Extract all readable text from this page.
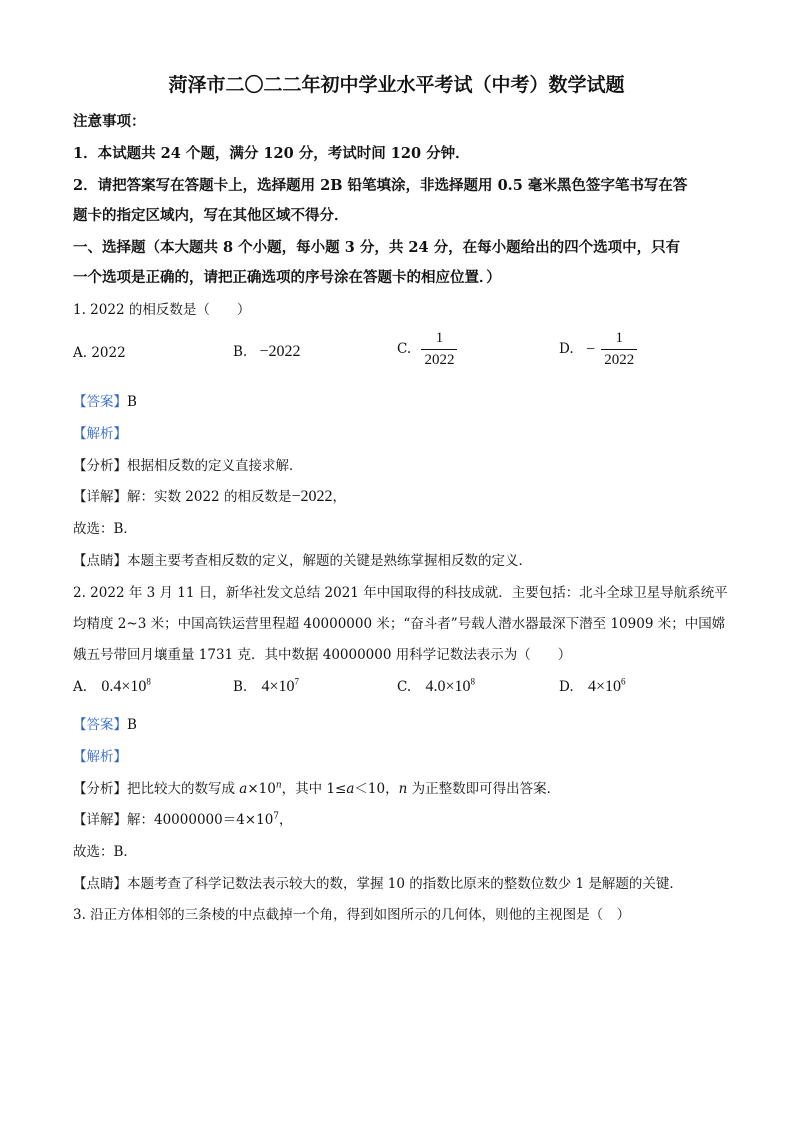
菏泽市二〇二二年初中学业水平考试（中考）数学试题
注意事项：
1．本试题共 24 个题，满分 120 分，考试时间 120 分钟．
2．请把答案写在答题卡上，选择题用 2B 铅笔填涂，非选择题用 0.5 毫米黑色签字笔书写在答
题卡的指定区域内，写在其他区域不得分．
一、选择题（本大题共 8 个小题，每小题 3 分，共 24 分，在每小题给出的四个选项中，只有
一个选项是正确的，请把正确选项的序号涂在答题卡的相应位置．）
1. 2022 的相反数是（　　）
A. 2022	B. −2022	C. $\frac{1}{2022}$	D. − $\frac{1}{2022}$
【答案】B
【解析】
【分析】根据相反数的定义直接求解．
【详解】解：实数 2022 的相反数是−2022，
故选：B．
【点睛】本题主要考查相反数的定义，解题的关键是熟练掌握相反数的定义．
2. 2022 年 3 月 11 日，新华社发文总结 2021 年中国取得的科技成就．主要包括：北斗全球卫星导航系统平
均精度 2~3 米；中国高铁运营里程超 40000000 米；“奋斗者”号载人潜水器最深下潜至 10909 米；中国嫦
娥五号带回月壤重量 1731 克．其中数据 40000000 用科学记数法表示为（　　）
A. $0.4\times 10^8$	B. $4\times 10^7$	C. $4.0\times 10^8$	D. $4\times 10^6$
【答案】B
【解析】
【分析】把比较大的数写成 $a\times 10^n$，其中 1≤a＜10，n 为正整数即可得出答案．
【详解】解：$40000000=4\times 10^7$，
故选：B．
【点睛】本题考查了科学记数法表示较大的数，掌握 10 的指数比原来的整数位数少 1 是解题的关键．
3. 沿正方体相邻的三条棱的中点截掉一个角，得到如图所示的几何体，则他的主视图是（　）
